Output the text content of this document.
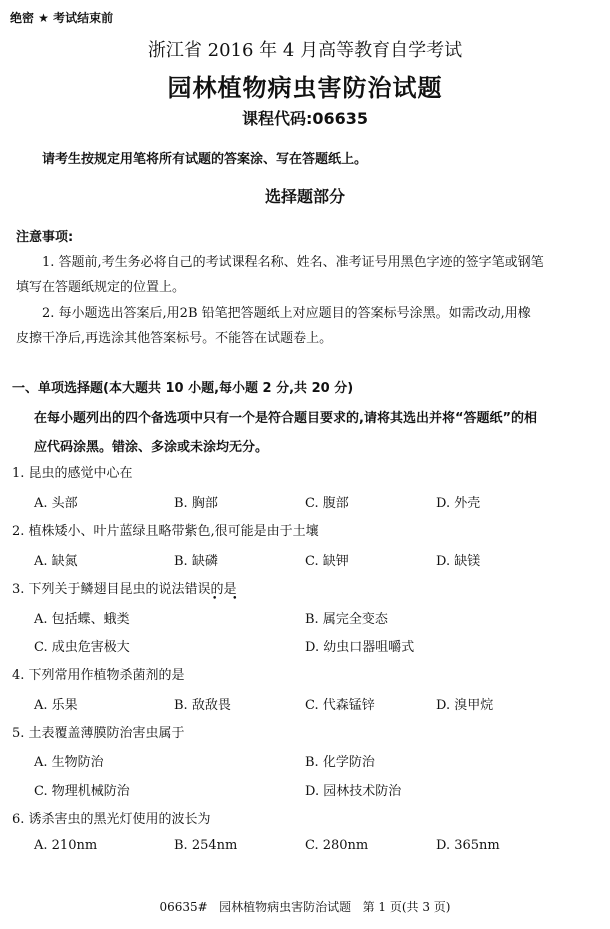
绝密 ★ 考试结束前
浙江省 2016 年 4 月高等教育自学考试
园林植物病虫害防治试题
课程代码:06635
请考生按规定用笔将所有试题的答案涂、写在答题纸上。
选择题部分
注意事项:
1. 答题前,考生务必将自己的考试课程名称、姓名、准考证号用黑色字迹的签字笔或钢笔
填写在答题纸规定的位置上。
2. 每小题选出答案后,用2B 铅笔把答题纸上对应题目的答案标号涂黑。如需改动,用橡
皮擦干净后,再选涂其他答案标号。不能答在试题卷上。
一、单项选择题(本大题共 10 小题,每小题 2 分,共 20 分)
在每小题列出的四个备选项中只有一个是符合题目要求的,请将其选出并将“答题纸”的相
应代码涂黑。错涂、多涂或未涂均无分。
1. 昆虫的感觉中心在
A. 头部	B. 胸部	C. 腹部	D. 外壳
2. 植株矮小、叶片蓝绿且略带紫色,很可能是由于土壤
A. 缺氮	B. 缺磷	C. 缺钾	D. 缺镁
3. 下列关于鳞翅目昆虫的说法错误的是
• •
A. 包括蝶、蛾类	B. 属完全变态
C. 成虫危害极大	D. 幼虫口器咀嚼式
4. 下列常用作植物杀菌剂的是
A. 乐果	B. 敌敌畏	C. 代森锰锌	D. 溴甲烷
5. 土表覆盖薄膜防治害虫属于
A. 生物防治	B. 化学防治
C. 物理机械防治	D. 园林技术防治
6. 诱杀害虫的黑光灯使用的波长为
A. 210nm	B. 254nm	C. 280nm	D. 365nm
06635#   园林植物病虫害防治试题   第 1 页(共 3 页)
